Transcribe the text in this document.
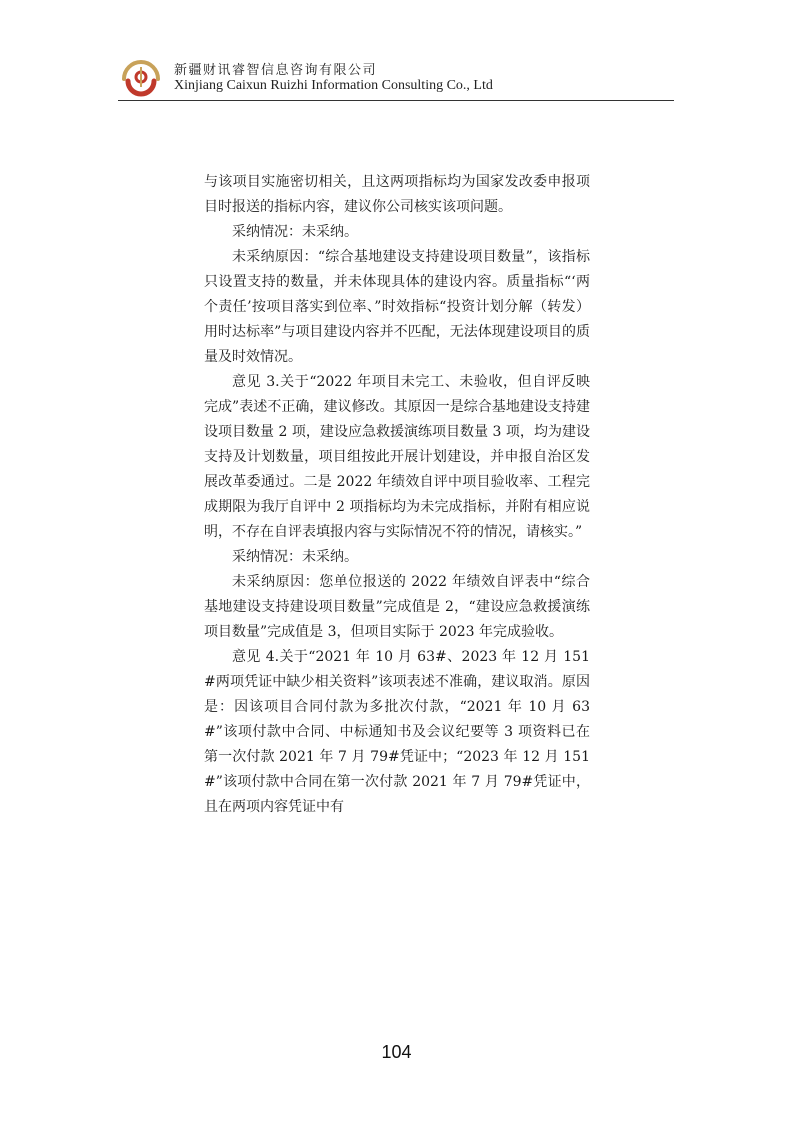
新疆财讯睿智信息咨询有限公司
Xinjiang Caixun Ruizhi Information Consulting Co., Ltd

与该项目实施密切相关，且这两项指标均为国家发改委申报项目时报送的指标内容，建议你公司核实该项问题。

采纳情况：未采纳。

未采纳原因：“综合基地建设支持建设项目数量”，该指标只设置支持的数量，并未体现具体的建设内容。质量指标“‘两个责任’按项目落实到位率、”时效指标“投资计划分解（转发）用时达标率”与项目建设内容并不匹配，无法体现建设项目的质量及时效情况。

意见 3.关于“2022 年项目未完工、未验收，但自评反映完成”表述不正确，建议修改。其原因一是综合基地建设支持建设项目数量 2 项，建设应急救援演练项目数量 3 项，均为建设支持及计划数量，项目组按此开展计划建设，并申报自治区发展改革委通过。二是 2022 年绩效自评中项目验收率、工程完成期限为我厅自评中 2 项指标均为未完成指标，并附有相应说明，不存在自评表填报内容与实际情况不符的情况，请核实。”

采纳情况：未采纳。

未采纳原因：您单位报送的 2022 年绩效自评表中“综合基地建设支持建设项目数量”完成值是 2，“建设应急救援演练项目数量”完成值是 3，但项目实际于 2023 年完成验收。

意见 4.关于“2021 年 10 月 63#、2023 年 12 月 151#两项凭证中缺少相关资料”该项表述不准确，建议取消。原因是：因该项目合同付款为多批次付款，“2021 年 10 月 63#”该项付款中合同、中标通知书及会议纪要等 3 项资料已在第一次付款 2021 年 7 月 79#凭证中；“2023 年 12 月 151#”该项付款中合同在第一次付款 2021 年 7 月 79#凭证中，且在两项内容凭证中有

104
